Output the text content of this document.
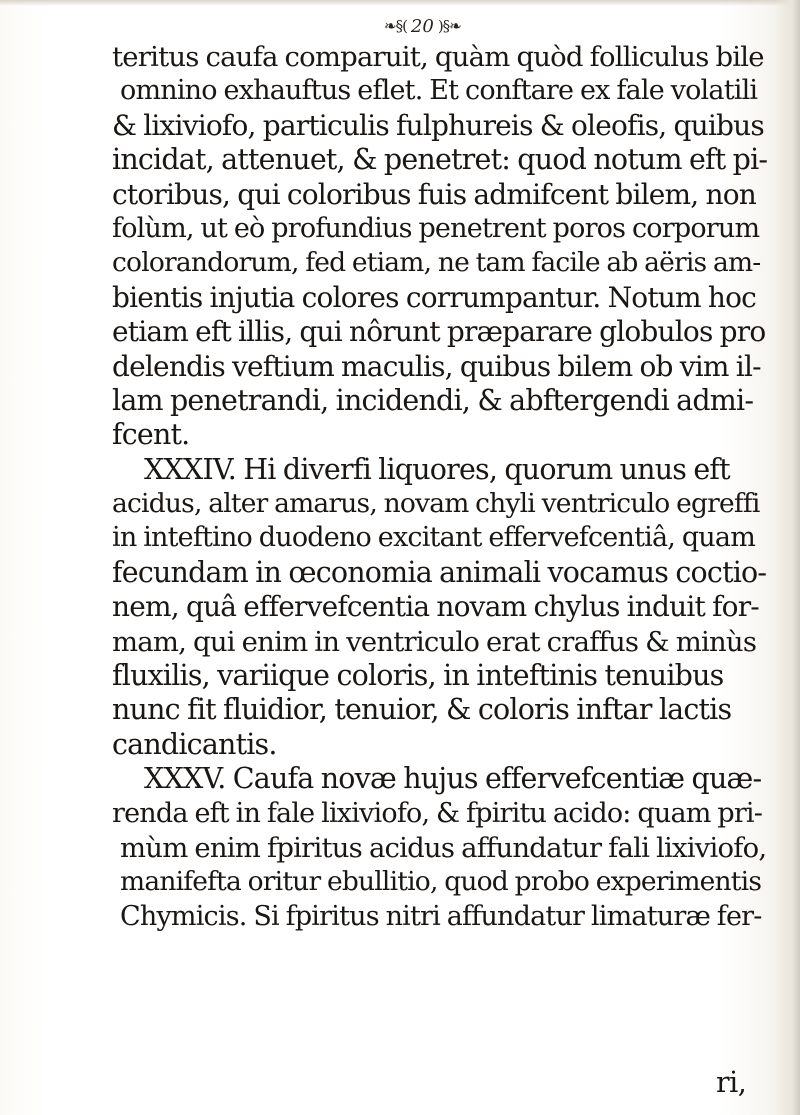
❧§( 20 )§❧
teritus caufa comparuit, quàm quòd folliculus bile
omnino exhauftus eflet. Et conftare ex fale volatili
& lixiviofo, particulis fulphureis & oleofis, quibus
incidat, attenuet, & penetret: quod notum eft pi-
ctoribus, qui coloribus fuis admifcent bilem, non
folùm, ut eò profundius penetrent poros corporum
colorandorum, fed etiam, ne tam facile ab aëris am-
bientis injutia colores corrumpantur. Notum hoc
etiam eft illis, qui nôrunt præparare globulos pro
delendis veftium maculis, quibus bilem ob vim il-
lam penetrandi, incidendi, & abftergendi admi-
fcent.
XXXIV. Hi diverfi liquores, quorum unus eft
acidus, alter amarus, novam chyli ventriculo egreffi
in inteftino duodeno excitant effervefcentiâ, quam
fecundam in œconomia animali vocamus coctio-
nem, quâ effervefcentia novam chylus induit for-
mam, qui enim in ventriculo erat craffus & minùs
fluxilis, variique coloris, in inteftinis tenuibus
nunc fit fluidior, tenuior, & coloris inftar lactis
candicantis.
XXXV. Caufa novæ hujus effervefcentiæ quæ-
renda eft in fale lixiviofo, & fpiritu acido: quam pri-
mùm enim fpiritus acidus affundatur fali lixiviofo,
manifefta oritur ebullitio, quod probo experimentis
Chymicis. Si fpiritus nitri affundatur limaturæ fer-
ri,
